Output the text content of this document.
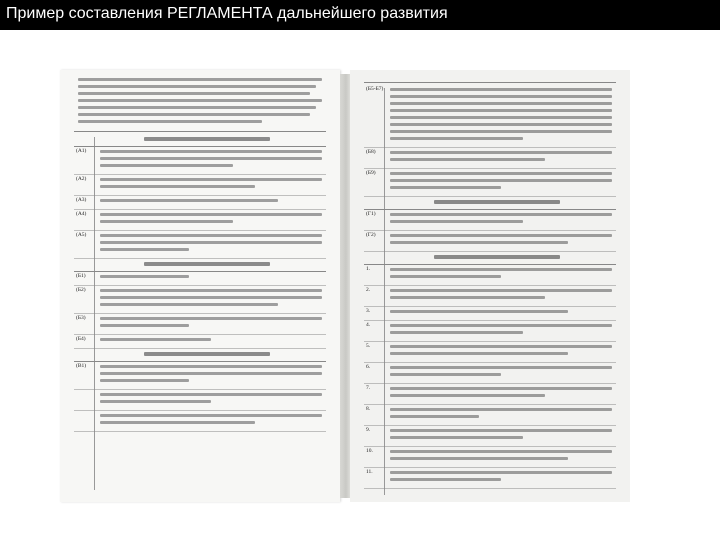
Пример составления РЕГЛАМЕНТА дальнейшего развития
(А1)
(А2)
(А3)
(А4)
(А5)
(Б1)
(Б2)
(Б3)
(Б4)
(В1)
(Б5-Б7)
(Б8)
(Б9)
(Г1)
(Г2)
1.
2.
3.
4.
5.
6.
7.
8.
9.
10.
11.
